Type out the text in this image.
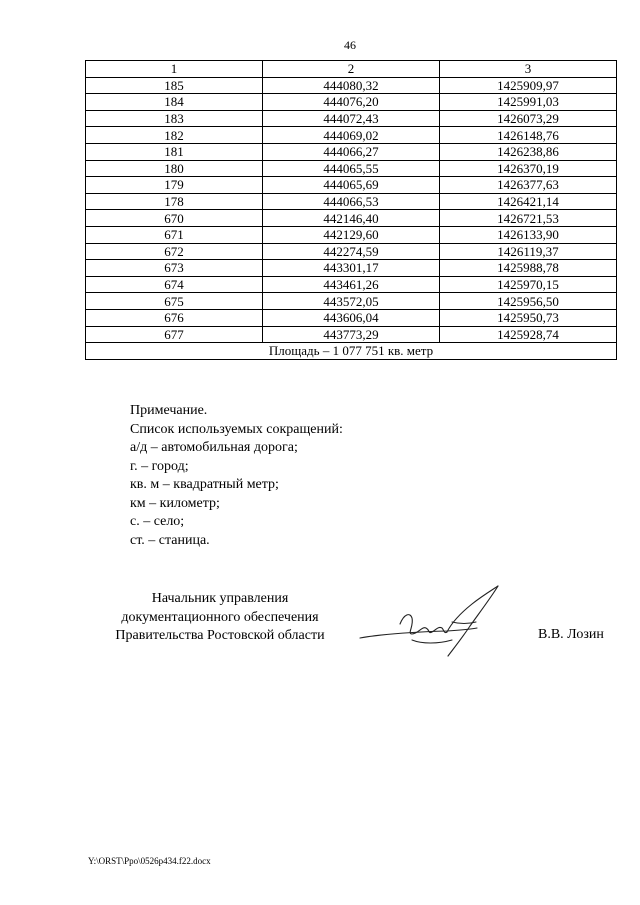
46
1	2	3
185	444080,32	1425909,97
184	444076,20	1425991,03
183	444072,43	1426073,29
182	444069,02	1426148,76
181	444066,27	1426238,86
180	444065,55	1426370,19
179	444065,69	1426377,63
178	444066,53	1426421,14
670	442146,40	1426721,53
671	442129,60	1426133,90
672	442274,59	1426119,37
673	443301,17	1425988,78
674	443461,26	1425970,15
675	443572,05	1425956,50
676	443606,04	1425950,73
677	443773,29	1425928,74
Площадь – 1 077 751 кв. метр		
Примечание.
Список используемых сокращений:
а/д – автомобильная дорога;
г. – город;
кв. м – квадратный метр;
км – километр;
с. – село;
ст. – станица.
Начальник управления
документационного обеспечения
Правительства Ростовской области	В.В. Лозин
Y:\ORST\Ppo\0526p434.f22.docx
